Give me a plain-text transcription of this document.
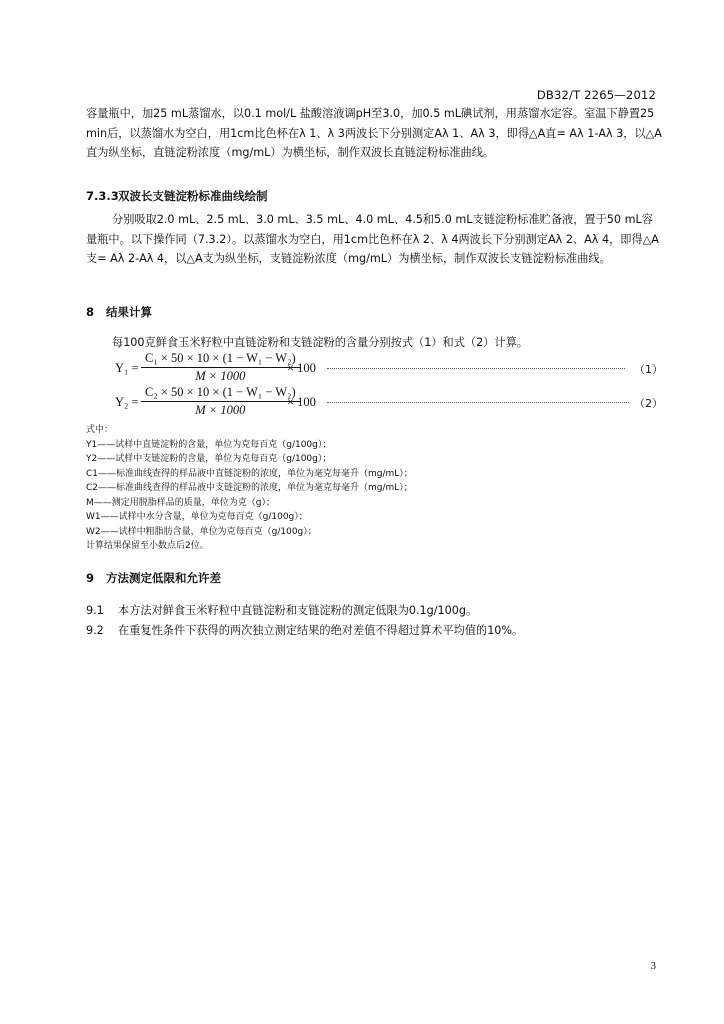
DB32/T 2265—2012
容量瓶中，加25 mL蒸馏水，以0.1 mol/L 盐酸溶液调pH至3.0，加0.5 mL碘试剂，用蒸馏水定容。室温下静置25 min后，以蒸馏水为空白，用1cm比色杯在λ 1、λ 3两波长下分别测定Aλ 1、Aλ 3，即得△A直= Aλ 1-Aλ 3，以△A直为纵坐标，直链淀粉浓度（mg/mL）为横坐标，制作双波长直链淀粉标准曲线。
7.3.3双波长支链淀粉标准曲线绘制
分别吸取2.0 mL、2.5 mL、3.0 mL、3.5 mL、4.0 mL、4.5和5.0 mL支链淀粉标准贮备液，置于50 mL容量瓶中。以下操作同（7.3.2）。以蒸馏水为空白，用1cm比色杯在λ 2、λ 4两波长下分别测定Aλ 2、Aλ 4，即得△A支= Aλ 2-Aλ 4，以△A支为纵坐标，支链淀粉浓度（mg/mL）为横坐标，制作双波长支链淀粉标准曲线。
8 结果计算
每100克鲜食玉米籽粒中直链淀粉和支链淀粉的含量分别按式（1）和式（2）计算。
$Y_1 = \frac{\text{C₁ × 50 × 10 × (1 − W₁ − W₂)}}{M \times 1000}$
× 100	（1）
$Y_2 = \frac{\text{C₂ × 50 × 10 × (1 − W₁ − W₂)}}{M \times 1000}$
× 100	（2）
式中：
Y1——试样中直链淀粉的含量，单位为克每百克（g/100g）；
Y2——试样中支链淀粉的含量，单位为克每百克（g/100g）；
C1——标准曲线查得的样品液中直链淀粉的浓度，单位为毫克每毫升（mg/mL）；
C2——标准曲线查得的样品液中支链淀粉的浓度，单位为毫克每毫升（mg/mL）；
M——测定用脱脂样品的质量，单位为克（g）；
W1——试样中水分含量，单位为克每百克（g/100g）；
W2——试样中粗脂肪含量，单位为克每百克（g/100g）；
计算结果保留至小数点后2位。
9 方法测定低限和允许差
9.1 本方法对鲜食玉米籽粒中直链淀粉和支链淀粉的测定低限为0.1g/100g。
9.2 在重复性条件下获得的两次独立测定结果的绝对差值不得超过算术平均值的10%。
3
